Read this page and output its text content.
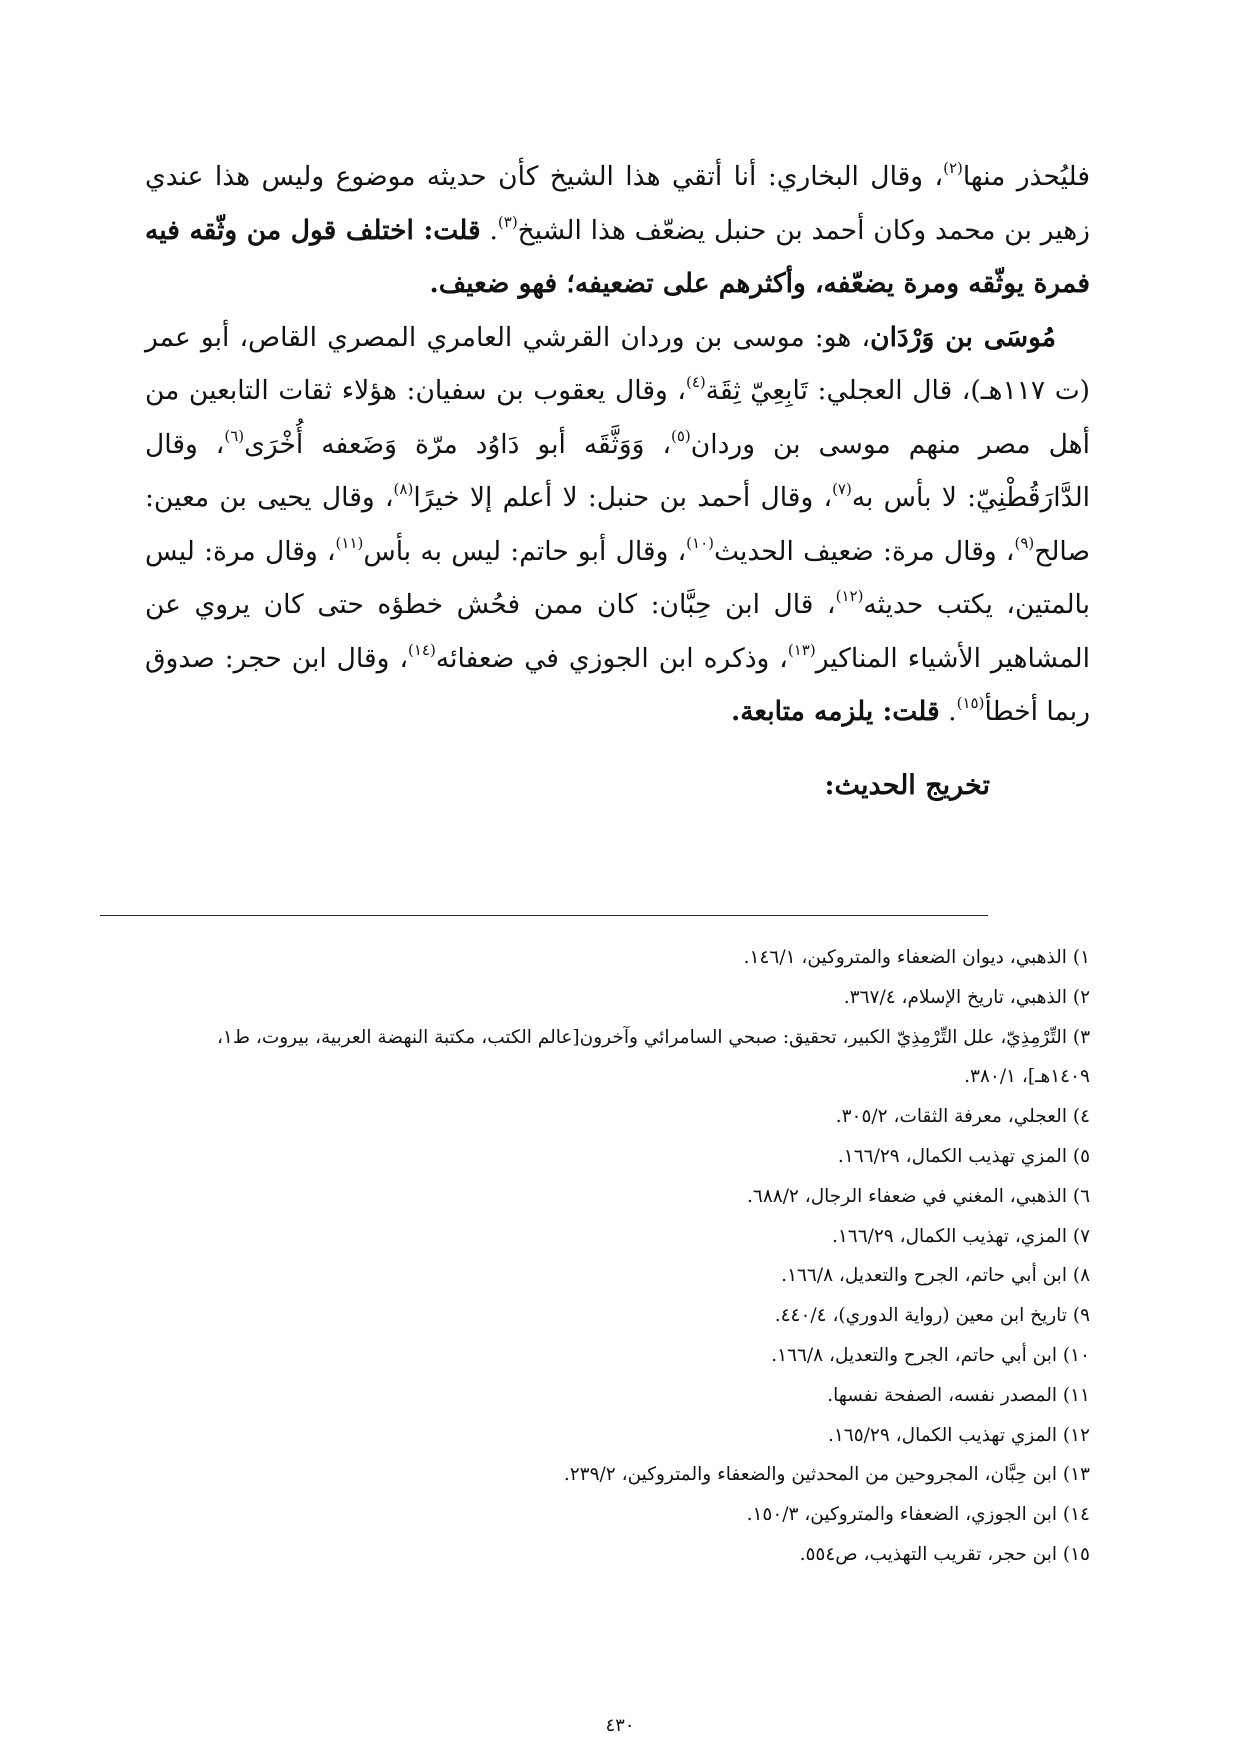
فليُحذر منها$^{(٢)}$، وقال البخاري: أنا أتقي هذا الشيخ كأن حديثه موضوع وليس هذا عندي زهير بن محمد وكان أحمد بن حنبل يضعّف هذا الشيخ$^{(٣)}$. قلت: اختلف قول من وثّقه فيه فمرة يوثّقه ومرة يضعّفه، وأكثرهم على تضعيفه؛ فهو ضعيف.

مُوسَى بن وَرْدَان، هو: موسى بن وردان القرشي العامري المصري القاص، أبو عمر (ت ١١٧هـ)، قال العجلي: تَابِعِيّ ثِقَة$^{(٤)}$، وقال يعقوب بن سفيان: هؤلاء ثقات التابعين من أهل مصر منهم موسى بن وردان$^{(٥)}$، وَوَثَّقَه أبو دَاوُد مرّة وَضَعفه أُخْرَى$^{(٦)}$، وقال الدَّارَقُطْنِيّ: لا بأس به$^{(٧)}$، وقال أحمد بن حنبل: لا أعلم إلا خيرًا$^{(٨)}$، وقال يحيى بن معين: صالح$^{(٩)}$، وقال مرة: ضعيف الحديث$^{(١٠)}$، وقال أبو حاتم: ليس به بأس$^{(١١)}$، وقال مرة: ليس بالمتين، يكتب حديثه$^{(١٢)}$، قال ابن حِبَّان: كان ممن فحُش خطؤه حتى كان يروي عن المشاهير الأشياء المناكير$^{(١٣)}$، وذكره ابن الجوزي في ضعفائه$^{(١٤)}$، وقال ابن حجر: صدوق ربما أخطأ$^{(١٥)}$. قلت: يلزمه متابعة.

تخريج الحديث:
١) الذهبي، ديوان الضعفاء والمتروكين، ١٤٦/١.
٢) الذهبي، تاريخ الإسلام، ٣٦٧/٤.
٣) التِّرْمِذِيّ، علل التِّرْمِذِيّ الكبير، تحقيق: صبحي السامرائي وآخرون[عالم الكتب، مكتبة النهضة العربية، بيروت، ط١، ١٤٠٩هـ]، ٣٨٠/١.
٤) العجلي، معرفة الثقات، ٣٠٥/٢.
٥) المزي تهذيب الكمال، ١٦٦/٢٩.
٦) الذهبي، المغني في ضعفاء الرجال، ٦٨٨/٢.
٧) المزي، تهذيب الكمال، ١٦٦/٢٩.
٨) ابن أبي حاتم، الجرح والتعديل، ١٦٦/٨.
٩) تاريخ ابن معين (رواية الدوري)، ٤٤٠/٤.
١٠) ابن أبي حاتم، الجرح والتعديل، ١٦٦/٨.
١١) المصدر نفسه، الصفحة نفسها.
١٢) المزي تهذيب الكمال، ١٦٥/٢٩.
١٣) ابن حِبَّان، المجروحين من المحدثين والضعفاء والمتروكين، ٢٣٩/٢.
١٤) ابن الجوزي، الضعفاء والمتروكين، ١٥٠/٣.
١٥) ابن حجر، تقريب التهذيب، ص٥٥٤.
٤٣٠
